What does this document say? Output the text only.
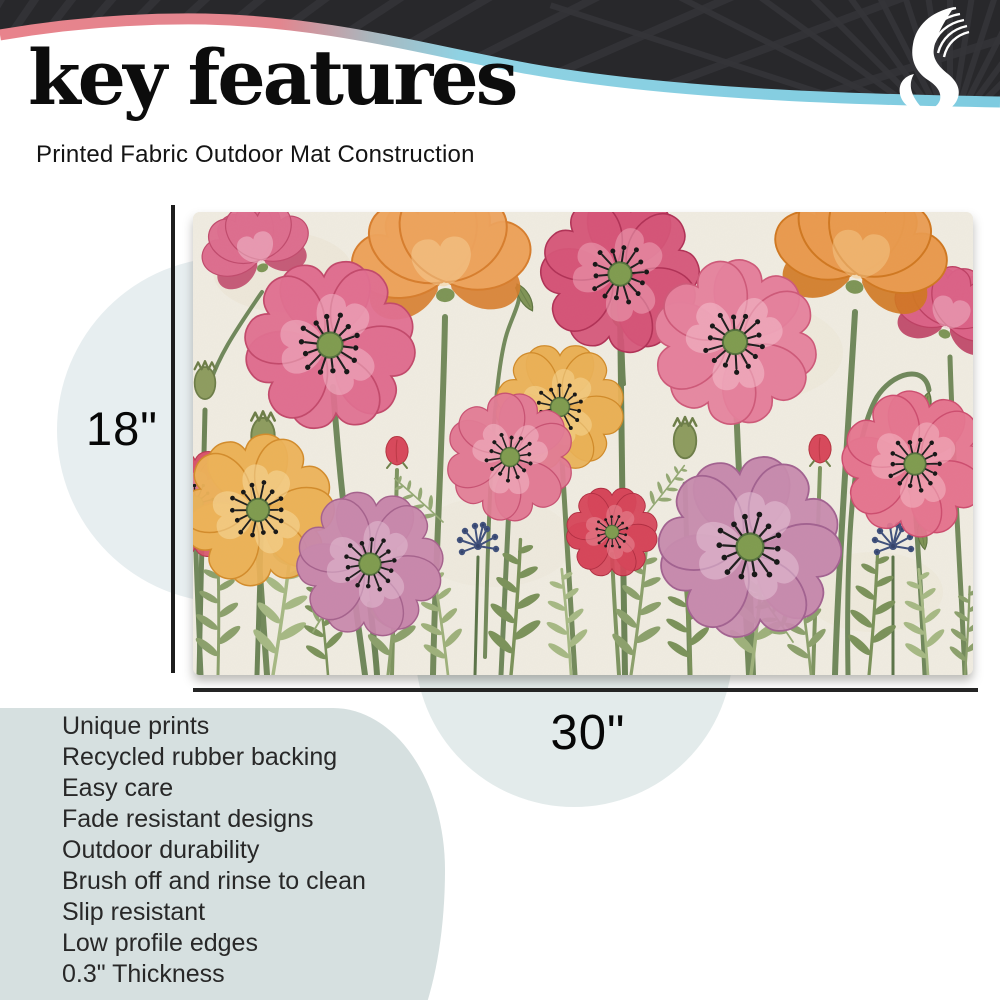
key features
Printed Fabric Outdoor Mat Construction
18"
30"
Unique prints
Recycled rubber backing
Easy care
Fade resistant designs
Outdoor durability
Brush off and rinse to clean
Slip resistant
Low profile edges
0.3" Thickness
